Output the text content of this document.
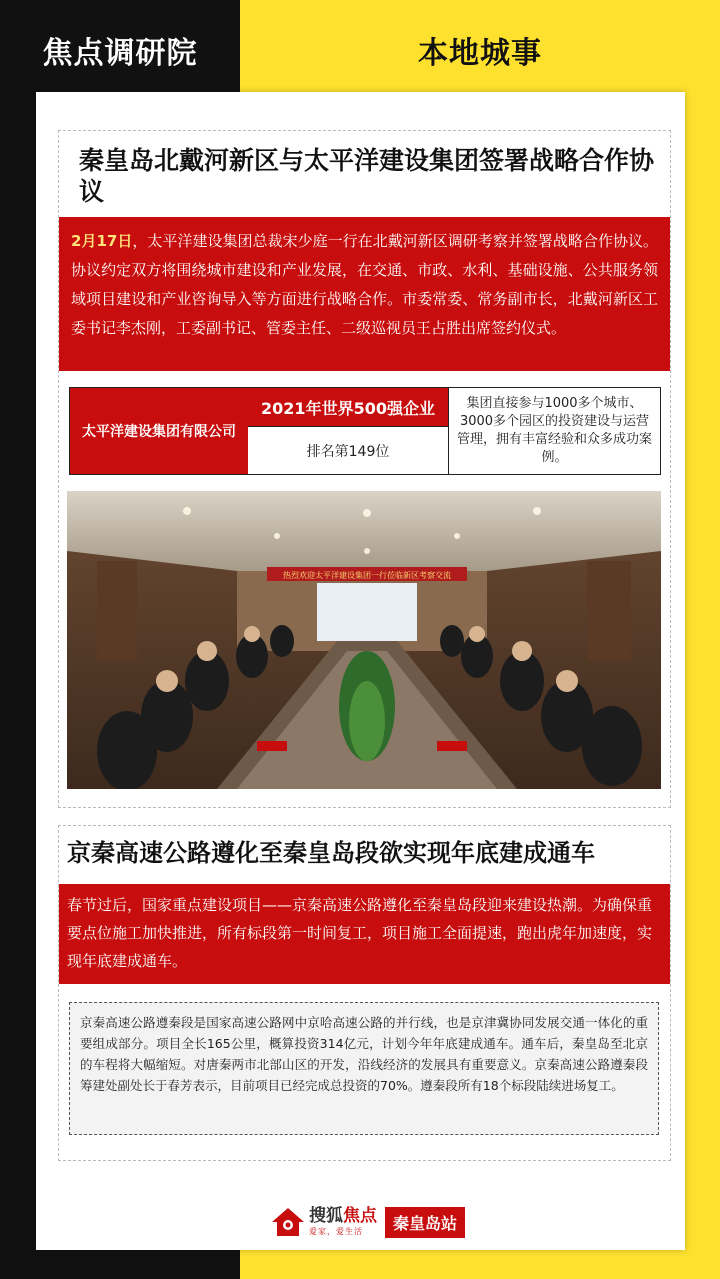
焦点调研院	本地城事
秦皇岛北戴河新区与太平洋建设集团签署战略合作协议
2月17日，太平洋建设集团总裁宋少庭一行在北戴河新区调研考察并签署战略合作协议。协议约定双方将围绕城市建设和产业发展，在交通、市政、水利、基础设施、公共服务领域项目建设和产业咨询导入等方面进行战略合作。市委常委、常务副市长，北戴河新区工委书记李杰刚，工委副书记、管委主任、二级巡视员王占胜出席签约仪式。
太平洋建设集团有限公司
2021年世界500强企业
排名第149位
集团直接参与1000多个城市、3000多个园区的投资建设与运营管理，拥有丰富经验和众多成功案例。
热烈欢迎太平洋建设集团一行莅临新区考察交流
京秦高速公路遵化至秦皇岛段欲实现年底建成通车
春节过后，国家重点建设项目——京秦高速公路遵化至秦皇岛段迎来建设热潮。为确保重要点位施工加快推进，所有标段第一时间复工，项目施工全面提速，跑出虎年加速度，实现年底建成通车。
京秦高速公路遵秦段是国家高速公路网中京哈高速公路的并行线，也是京津冀协同发展交通一体化的重要组成部分。项目全长165公里，概算投资314亿元，计划今年年底建成通车。通车后，秦皇岛至北京的车程将大幅缩短。对唐秦两市北部山区的开发，沿线经济的发展具有重要意义。京秦高速公路遵秦段筹建处副处长于春芳表示，目前项目已经完成总投资的70%。遵秦段所有18个标段陆续进场复工。
搜狐焦点
爱家，爱生活	秦皇岛站
